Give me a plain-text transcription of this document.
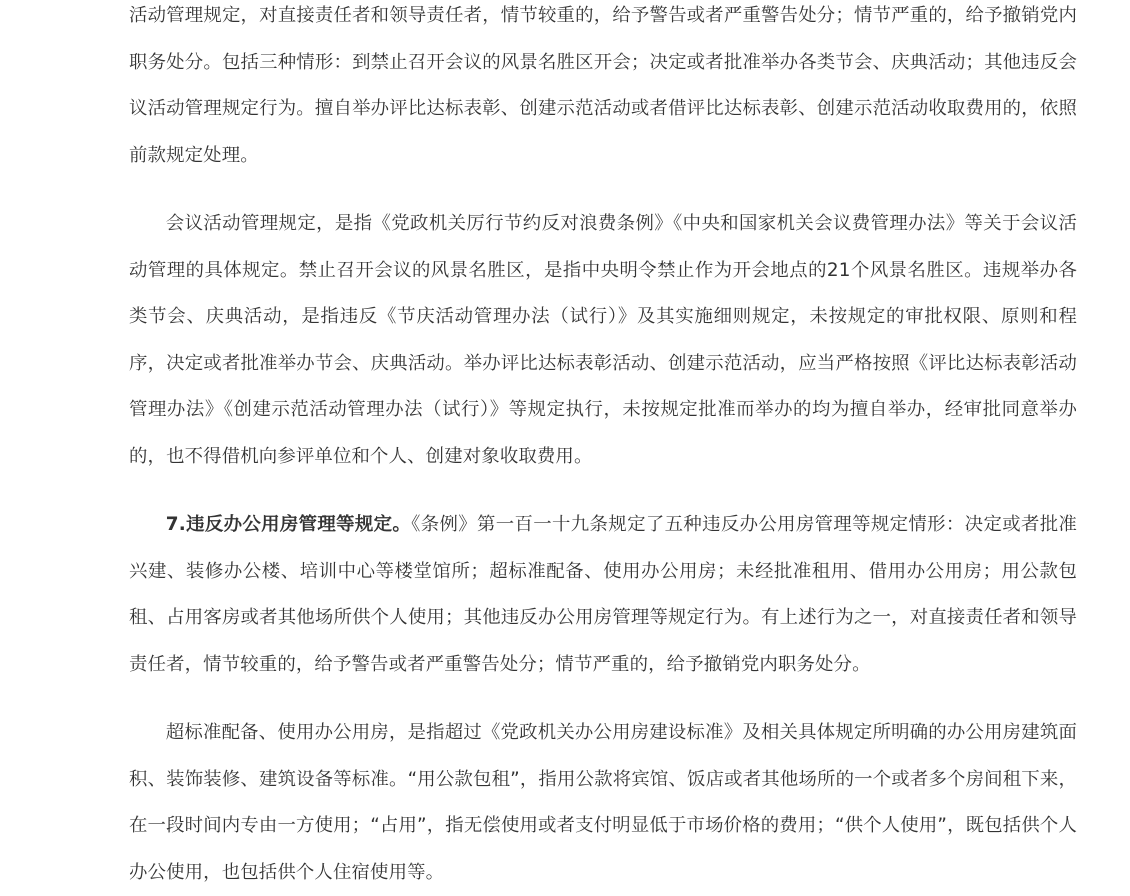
活动管理规定，对直接责任者和领导责任者，情节较重的，给予警告或者严重警告处分；情节严重的，给予撤销党内职务处分。包括三种情形：到禁止召开会议的风景名胜区开会；决定或者批准举办各类节会、庆典活动；其他违反会议活动管理规定行为。擅自举办评比达标表彰、创建示范活动或者借评比达标表彰、创建示范活动收取费用的，依照前款规定处理。

会议活动管理规定，是指《党政机关厉行节约反对浪费条例》《中央和国家机关会议费管理办法》等关于会议活动管理的具体规定。禁止召开会议的风景名胜区，是指中央明令禁止作为开会地点的21个风景名胜区。违规举办各类节会、庆典活动，是指违反《节庆活动管理办法（试行）》及其实施细则规定，未按规定的审批权限、原则和程序，决定或者批准举办节会、庆典活动。举办评比达标表彰活动、创建示范活动，应当严格按照《评比达标表彰活动管理办法》《创建示范活动管理办法（试行）》等规定执行，未按规定批准而举办的均为擅自举办，经审批同意举办的，也不得借机向参评单位和个人、创建对象收取费用。

7.违反办公用房管理等规定。《条例》第一百一十九条规定了五种违反办公用房管理等规定情形：决定或者批准兴建、装修办公楼、培训中心等楼堂馆所；超标准配备、使用办公用房；未经批准租用、借用办公用房；用公款包租、占用客房或者其他场所供个人使用；其他违反办公用房管理等规定行为。有上述行为之一，对直接责任者和领导责任者，情节较重的，给予警告或者严重警告处分；情节严重的，给予撤销党内职务处分。

超标准配备、使用办公用房，是指超过《党政机关办公用房建设标准》及相关具体规定所明确的办公用房建筑面积、装饰装修、建筑设备等标准。“用公款包租”，指用公款将宾馆、饭店或者其他场所的一个或者多个房间租下来，在一段时间内专由一方使用；“占用”，指无偿使用或者支付明显低于市场价格的费用；“供个人使用”，既包括供个人办公使用，也包括供个人住宿使用等。
